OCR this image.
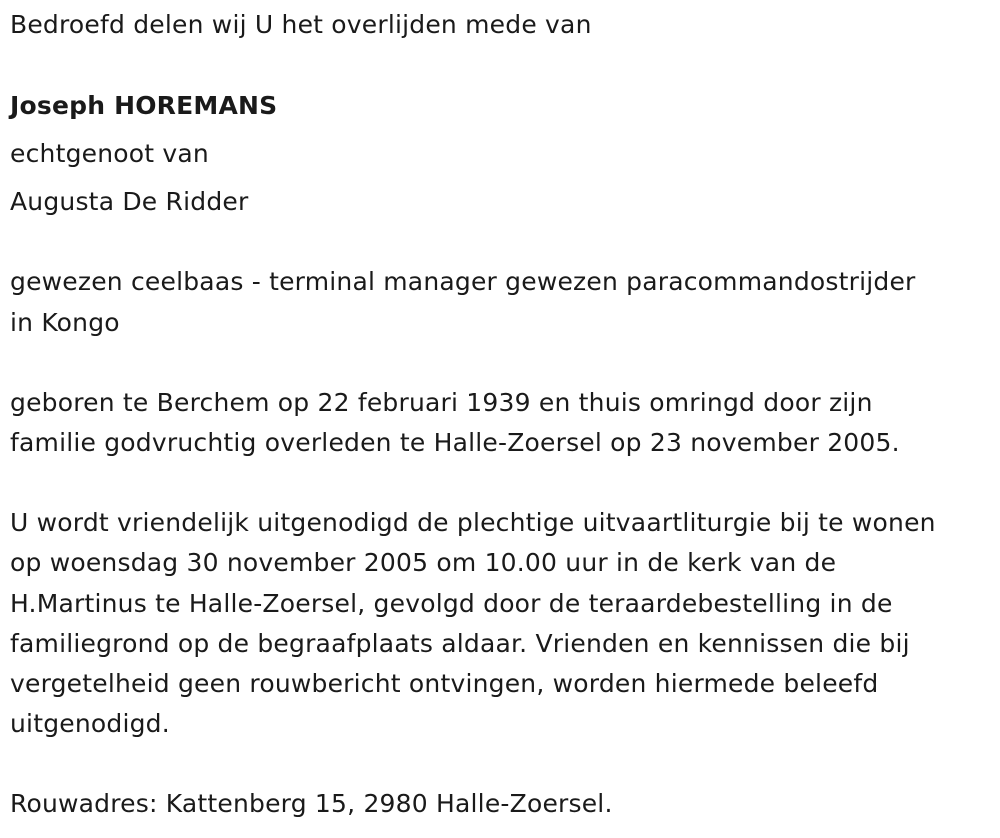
Bedroefd delen wij U het overlijden mede van

Joseph HOREMANS

echtgenoot van

Augusta De Ridder

gewezen ceelbaas - terminal manager gewezen paracommandostrijder

in Kongo

geboren te Berchem op 22 februari 1939 en thuis omringd door zijn

familie godvruchtig overleden te Halle-Zoersel op 23 november 2005.

U wordt vriendelijk uitgenodigd de plechtige uitvaartliturgie bij te wonen

op woensdag 30 november 2005 om 10.00 uur in de kerk van de

H.Martinus te Halle-Zoersel, gevolgd door de teraardebestelling in de

familiegrond op de begraafplaats aldaar. Vrienden en kennissen die bij

vergetelheid geen rouwbericht ontvingen, worden hiermede beleefd

uitgenodigd.

Rouwadres: Kattenberg 15, 2980 Halle-Zoersel.
